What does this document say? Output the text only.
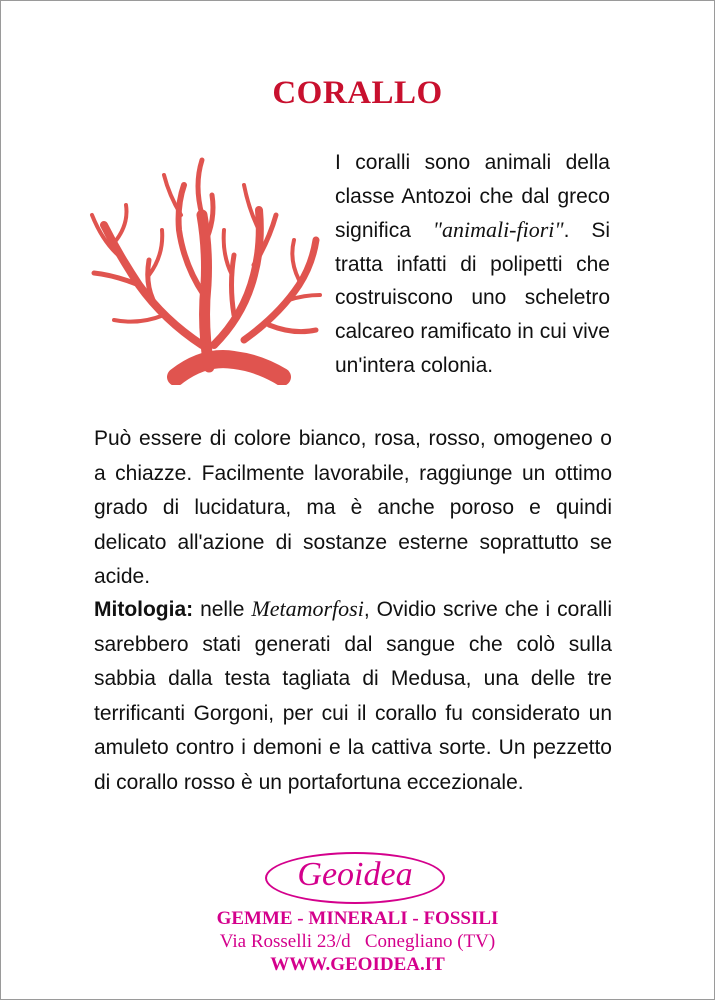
CORALLO

I coralli sono animali della classe Antozoi che dal greco significa "animali-fiori". Si tratta infatti di polipetti che costruiscono uno scheletro calcareo ramificato in cui vive un'intera colonia.

Può essere di colore bianco, rosa, rosso, omogeneo o a chiazze. Facilmente lavorabile, raggiunge un ottimo grado di lucidatura, ma è anche poroso e quindi delicato all'azione di sostanze esterne soprattutto se acide.

Mitologia: nelle Metamorfosi, Ovidio scrive che i coralli sarebbero stati generati dal sangue che colò sulla sabbia dalla testa tagliata di Medusa, una delle tre terrificanti Gorgoni, per cui il corallo fu considerato un amuleto contro i demoni e la cattiva sorte. Un pezzetto di corallo rosso è un portafortuna eccezionale.

Geoidea
GEMME - MINERALI - FOSSILI
Via Rosselli 23/d   Conegliano (TV)
WWW.GEOIDEA.IT
